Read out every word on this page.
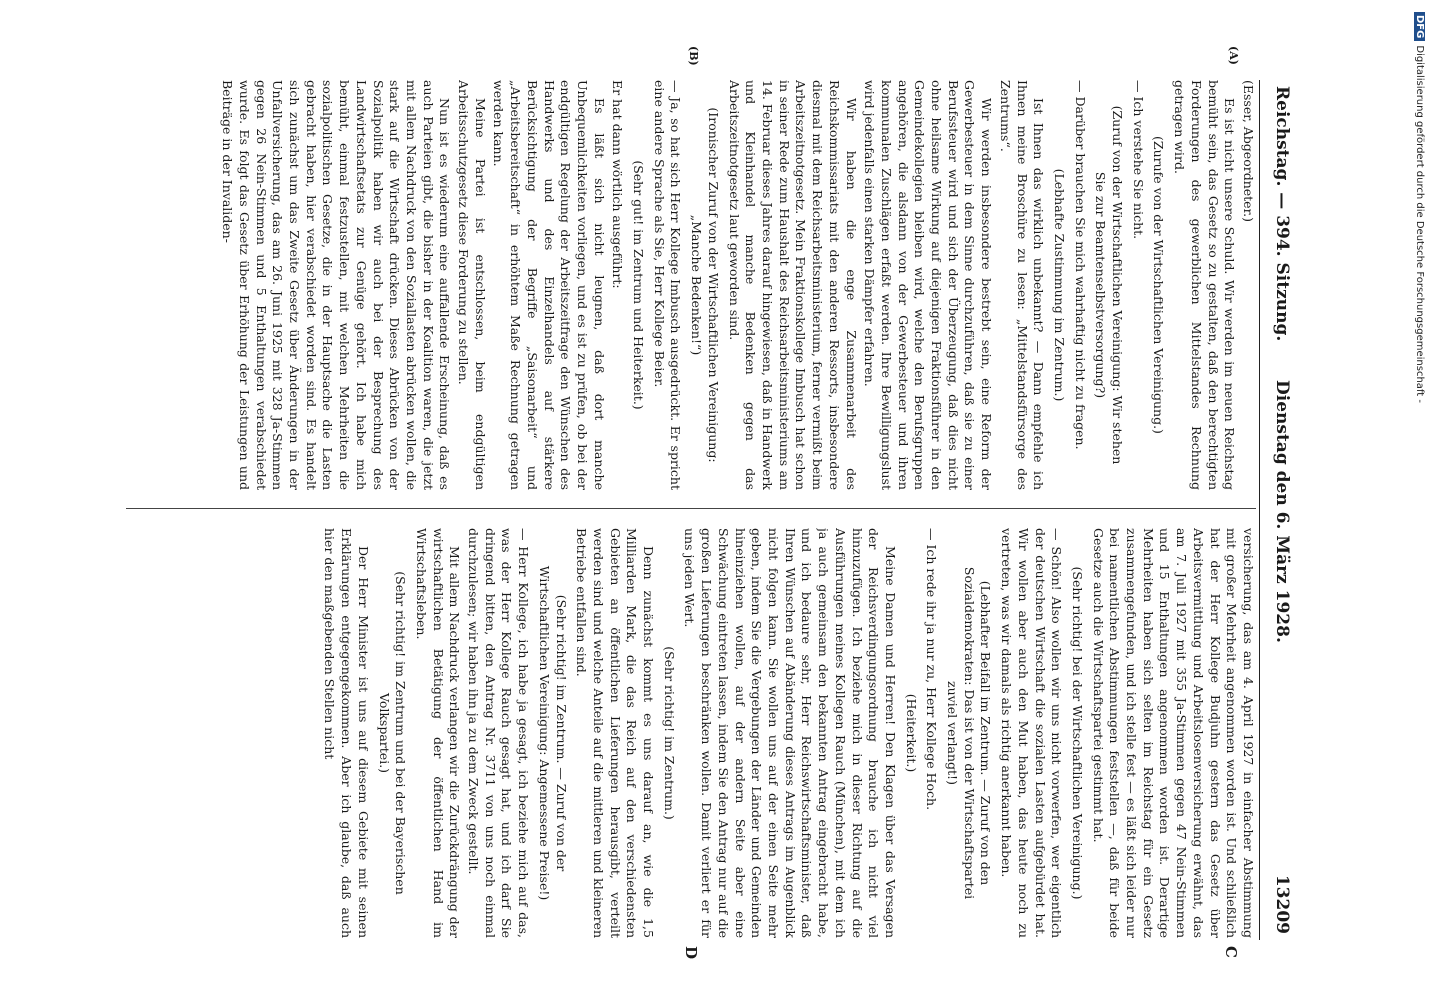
Reichstag. — 394. Sitzung.
Dienstag den 6. März 1928.
13209

(Esser, Abgeordneter.)

Es ist nicht unsere Schuld. Wir werden im neuen Reichstag bemüht sein, das Gesetz so zu gestalten, daß den berechtigten Forderungen des gewerblichen Mittelstandes Rechnung getragen wird.

(Zurufe von der Wirtschaftlichen Vereinigung.)

— Ich verstehe Sie nicht.

(Zuruf von der Wirtschaftlichen Vereinigung: Wir stehen Sie zur Beamtenselbstversorgung?)

— Darüber brauchen Sie mich wahrhaftig nicht zu fragen.

(Lebhafte Zustimmung im Zentrum.)

Ist Ihnen das wirklich unbekannt? — Dann empfehle ich Ihnen meine Broschüre zu lesen: „Mittelstandsfürsorge des Zentrums“.

Wir werden insbesondere bestrebt sein, eine Reform der Gewerbesteuer in dem Sinne durchzuführen, daß sie zu einer Berufssteuer wird und sich der Überzeugung, daß dies nicht ohne heilsame Wirkung auf diejenigen Fraktionsführer in den Gemeindekollegien bleiben wird, welche den Berufsgruppen angehören, die alsdann von der Gewerbesteuer und ihren kommunalen Zuschlägen erfaßt werden. Ihre Bewilligungslust wird jedenfalls einen starken Dämpfer erfahren.

Wir haben die enge Zusammenarbeit des Reichskommissariats mit den anderen Ressorts, insbesondere diesmal mit dem Reichsarbeitsministerium, ferner vermißt beim Arbeitszeitnotgesetz. Mein Fraktionskollege Imbusch hat schon in seiner Rede zum Haushalt des Reichsarbeitsministeriums am 14. Februar dieses Jahres darauf hingewiesen, daß in Handwerk und Kleinhandel manche Bedenken gegen das Arbeitszeitnotgesetz laut geworden sind.

(Ironischer Zuruf von der Wirtschaftlichen Vereinigung: „Manche Bedenken!“)

— Ja, so hat sich Herr Kollege Imbusch ausgedrückt. Er spricht eine andere Sprache als Sie, Herr Kollege Beier.

(Sehr gut! im Zentrum und Heiterkeit.)

Er hat dann wörtlich ausgeführt:

Es läßt sich nicht leugnen, daß dort manche Unbequemlichkeiten vorliegen, und es ist zu prüfen, ob bei der endgültigen Regelung der Arbeitszeitfrage den Wünschen des Handwerks und des Einzelhandels auf stärkere Berücksichtigung der Begriffe „Saisonarbeit“ und „Arbeitsbereitschaft“ in erhöhtem Maße Rechnung getragen werden kann.

Meine Partei ist entschlossen, beim endgültigen Arbeitsschutzgesetz diese Forderung zu stellen.

Nun ist es wiederum eine auffallende Erscheinung, daß es auch Parteien gibt, die bisher in der Koalition waren, die jetzt mit allem Nachdruck von den Soziallasten abrücken wollen, die stark auf die Wirtschaft drücken. Dieses Abrücken von der Sozialpolitik haben wir auch bei der Besprechung des Landwirtschaftsetats zur Genüge gehört. Ich habe mich bemüht, einmal festzustellen, mit welchen Mehrheiten die sozialpolitischen Gesetze, die in der Hauptsache die Lasten gebracht haben, hier verabschiedet worden sind. Es handelt sich zunächst um das Zweite Gesetz über Änderungen in der Unfallversicherung, das am 26. Juni 1925 mit 328 Ja-Stimmen gegen 26 Nein-Stimmen und 5 Enthaltungen verabschiedet wurde. Es folgt das Gesetz über Erhöhung der Leistungen und Beiträge in der Invaliden-

versicherung, das am 4. April 1927 in einfacher Abstimmung mit großer Mehrheit angenommen worden ist. Und schließlich hat der Herr Kollege Budjuhn gestern das Gesetz über Arbeitsvermittlung und Arbeitslosenversicherung erwähnt, das am 7. Juli 1927 mit 355 Ja-Stimmen gegen 47 Nein-Stimmen und 15 Enthaltungen angenommen worden ist. Derartige Mehrheiten haben sich selten im Reichstag für ein Gesetz zusammengefunden, und ich stelle fest — es läßt sich leider nur bei namentlichen Abstimmungen feststellen —, daß für beide Gesetze auch die Wirtschaftspartei gestimmt hat.

(Sehr richtig! bei der Wirtschaftlichen Vereinigung.)

— Schön! Also wollen wir uns nicht vorwerfen, wer eigentlich der deutschen Wirtschaft die sozialen Lasten aufgebürdet hat. Wir wollen aber auch den Mut haben, das heute noch zu vertreten, was wir damals als richtig anerkannt haben.

(Lebhafter Beifall im Zentrum. — Zuruf von den Sozialdemokraten: Das ist von der Wirtschaftspartei zuviel verlangt!)

— Ich rede ihr ja nur zu, Herr Kollege Hoch.

(Heiterkeit.)

Meine Damen und Herren! Den Klagen über das Versagen der Reichsverdingungsordnung brauche ich nicht viel hinzuzufügen. Ich beziehe mich in dieser Richtung auf die Ausführungen meines Kollegen Rauch (München), mit dem ich ja auch gemeinsam den bekannten Antrag eingebracht habe, und ich bedaure sehr, Herr Reichswirtschaftsminister, daß Ihren Wünschen auf Abänderung dieses Antrags im Augenblick nicht folgen kann. Sie wollen uns auf der einen Seite mehr geben, indem Sie die Vergebungen der Länder und Gemeinden hineinziehen wollen, auf der andern Seite aber eine Schwächung eintreten lassen, indem Sie den Antrag nur auf die großen Lieferungen beschränken wollen. Damit verliert er für uns jeden Wert.

(Sehr richtig! im Zentrum.)

Denn zunächst kommt es uns darauf an, wie die 1,5 Milliarden Mark, die das Reich auf den verschiedensten Gebieten an öffentlichen Lieferungen herausgibt, verteilt werden sind und welche Anteile auf die mittleren und kleineren Betriebe entfallen sind.

(Sehr richtig! im Zentrum. — Zuruf von der Wirtschaftlichen Vereinigung: Angemessene Preise!)

— Herr Kollege, ich habe ja gesagt, ich beziehe mich auf das, was der Herr Kollege Rauch gesagt hat, und ich darf Sie dringend bitten, den Antrag Nr. 3711 von uns noch einmal durchzulesen; wir haben ihn ja zu dem Zweck gestellt.

Mit allem Nachdruck verlangen wir die Zurückdrängung der wirtschaftlichen Betätigung der öffentlichen Hand im Wirtschaftsleben.

(Sehr richtig! im Zentrum und bei der Bayerischen Volkspartei.)

Der Herr Minister ist uns auf diesem Gebiete mit seinen Erklärungen entgegengekommen. Aber ich glaube, daß auch hier den maßgebenden Stellen nicht

(A)
(B)
C
D
DFGDigitalisierung gefördert durch die Deutsche Forschungsgemeinschaft -
